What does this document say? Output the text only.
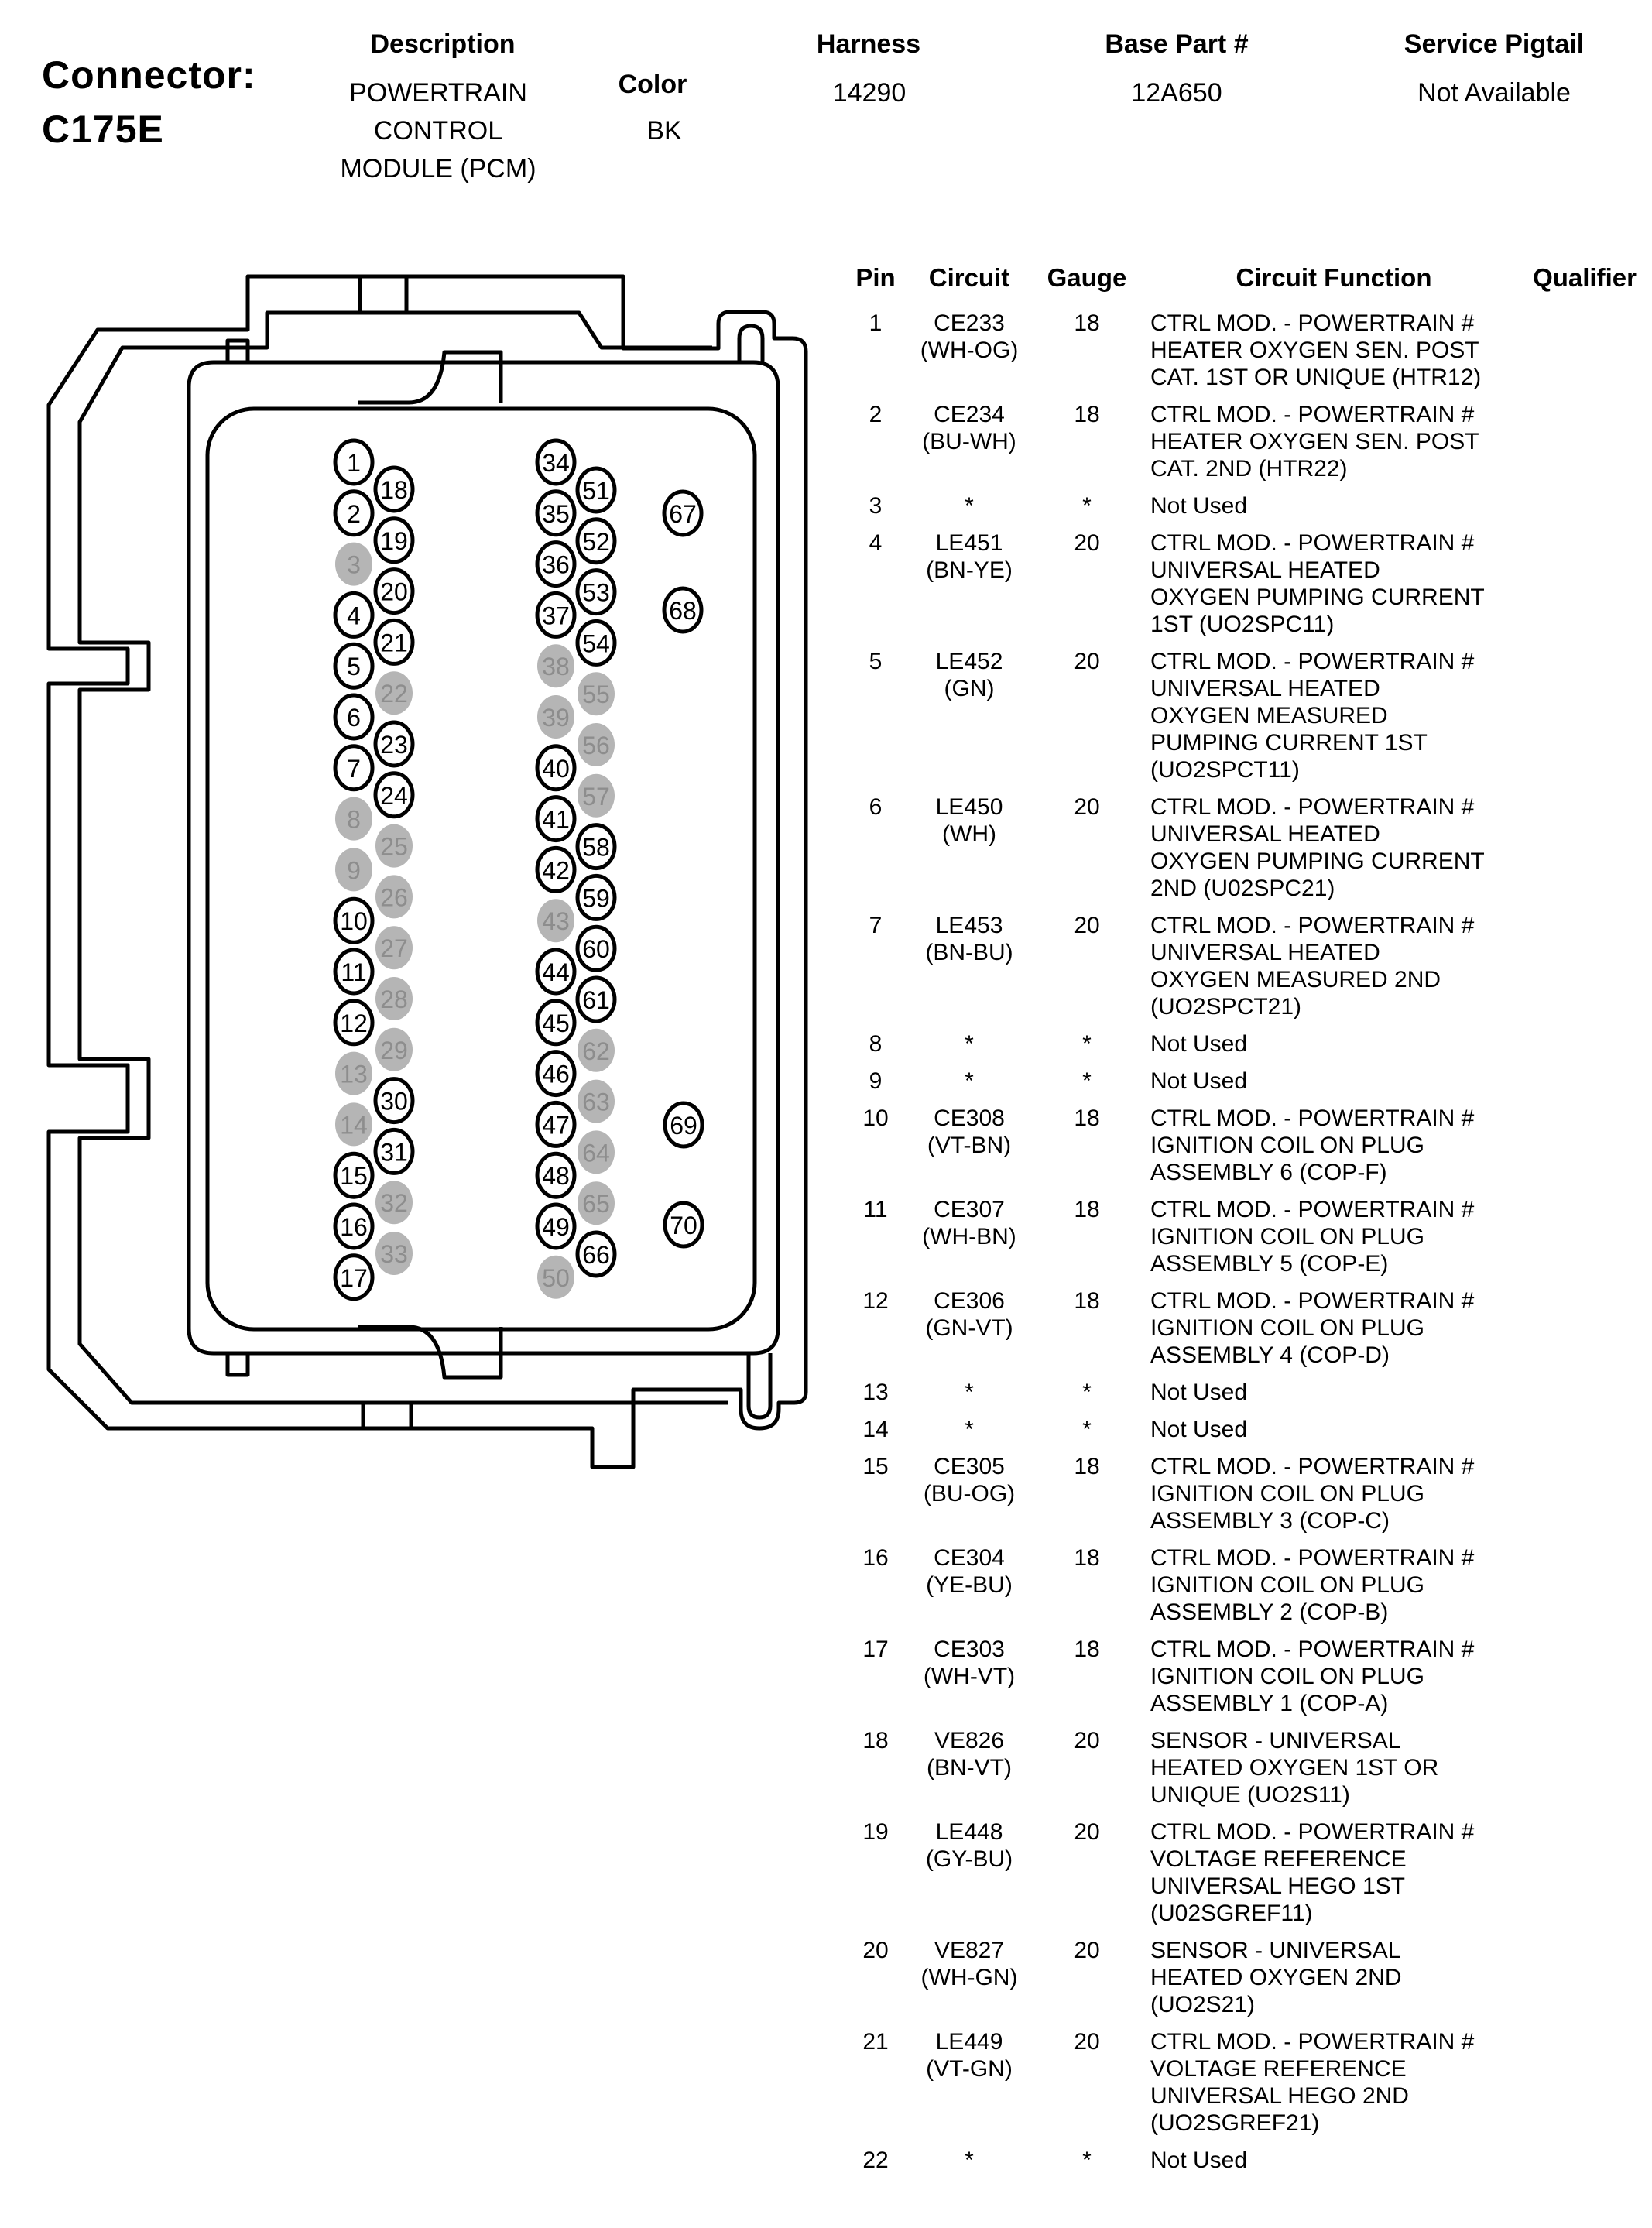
Connector:
C175E
Description
POWERTRAIN
CONTROL
MODULE (PCM)
Color
BK
Harness
14290
Base Part #
12A650
Service Pigtail
Not Available
1
2
3
4
5
6
7
8
9
10
11
12
13
14
15
16
17
18
19
20
21
22
23
24
25
26
27
28
29
30
31
32
33
34
35
36
37
38
39
40
41
42
43
44
45
46
47
48
49
50
51
52
53
54
55
56
57
58
59
60
61
62
63
64
65
66
67
68
69
70
Pin	Circuit	Gauge	Circuit Function	Qualifier
1	CE233
(WH-OG)
18	CTRL MOD. - POWERTRAIN #
HEATER OXYGEN SEN. POST
CAT. 1ST OR UNIQUE (HTR12)
2	CE234
(BU-WH)
18	CTRL MOD. - POWERTRAIN #
HEATER OXYGEN SEN. POST
CAT. 2ND (HTR22)
3	*	*	Not Used
4	LE451
(BN-YE)
20	CTRL MOD. - POWERTRAIN #
UNIVERSAL HEATED
OXYGEN PUMPING CURRENT
1ST (UO2SPC11)
5	LE452
(GN)
20	CTRL MOD. - POWERTRAIN #
UNIVERSAL HEATED
OXYGEN MEASURED
PUMPING CURRENT 1ST
(UO2SPCT11)
6	LE450
(WH)
20	CTRL MOD. - POWERTRAIN #
UNIVERSAL HEATED
OXYGEN PUMPING CURRENT
2ND (U02SPC21)
7	LE453
(BN-BU)
20	CTRL MOD. - POWERTRAIN #
UNIVERSAL HEATED
OXYGEN MEASURED 2ND
(UO2SPCT21)
8	*	*	Not Used
9	*	*	Not Used
10	CE308
(VT-BN)
18	CTRL MOD. - POWERTRAIN #
IGNITION COIL ON PLUG
ASSEMBLY 6 (COP-F)
11	CE307
(WH-BN)
18	CTRL MOD. - POWERTRAIN #
IGNITION COIL ON PLUG
ASSEMBLY 5 (COP-E)
12	CE306
(GN-VT)
18	CTRL MOD. - POWERTRAIN #
IGNITION COIL ON PLUG
ASSEMBLY 4 (COP-D)
13	*	*	Not Used
14	*	*	Not Used
15	CE305
(BU-OG)
18	CTRL MOD. - POWERTRAIN #
IGNITION COIL ON PLUG
ASSEMBLY 3 (COP-C)
16	CE304
(YE-BU)
18	CTRL MOD. - POWERTRAIN #
IGNITION COIL ON PLUG
ASSEMBLY 2 (COP-B)
17	CE303
(WH-VT)
18	CTRL MOD. - POWERTRAIN #
IGNITION COIL ON PLUG
ASSEMBLY 1 (COP-A)
18	VE826
(BN-VT)
20	SENSOR - UNIVERSAL
HEATED OXYGEN 1ST OR
UNIQUE (UO2S11)
19	LE448
(GY-BU)
20	CTRL MOD. - POWERTRAIN #
VOLTAGE REFERENCE
UNIVERSAL HEGO 1ST
(U02SGREF11)
20	VE827
(WH-GN)
20	SENSOR - UNIVERSAL
HEATED OXYGEN 2ND
(UO2S21)
21	LE449
(VT-GN)
20	CTRL MOD. - POWERTRAIN #
VOLTAGE REFERENCE
UNIVERSAL HEGO 2ND
(UO2SGREF21)
22	*	*	Not Used
